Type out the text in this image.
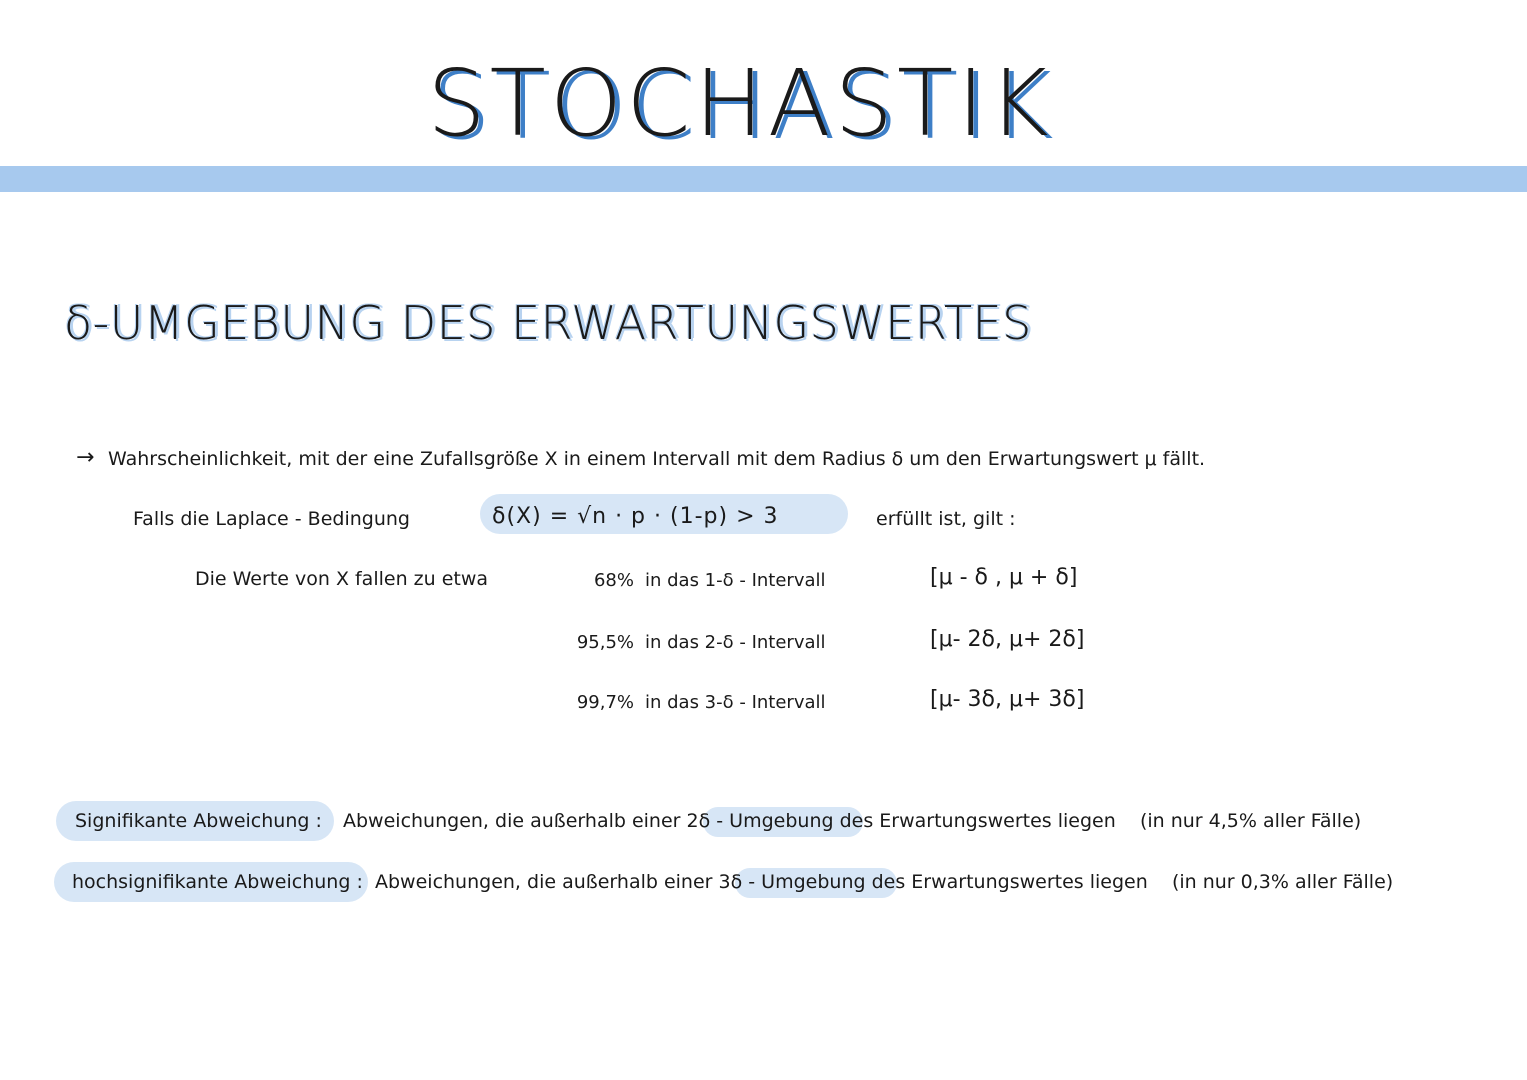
STOCHASTIK
δ-UMGEBUNG DES ERWARTUNGSWERTES
→ Wahrscheinlichkeit, mit der eine Zufallsgröße X in einem Intervall mit dem Radius δ um den Erwartungswert μ fällt.
Falls die Laplace - Bedingung	δ(X) = √n · p · (1-p) > 3	erfüllt ist, gilt :
Die Werte von X fallen zu etwa	68% in das 1-δ - Intervall	[μ - δ , μ + δ]
95,5% in das 2-δ - Intervall	[μ- 2δ, μ+ 2δ]
99,7% in das 3-δ - Intervall	[μ- 3δ, μ+ 3δ]
Signifikante Abweichung : Abweichungen, die außerhalb einer 2δ - Umgebung des Erwartungswertes liegen (in nur 4,5% aller Fälle)
hochsignifikante Abweichung : Abweichungen, die außerhalb einer 3δ - Umgebung des Erwartungswertes liegen (in nur 0,3% aller Fälle)
